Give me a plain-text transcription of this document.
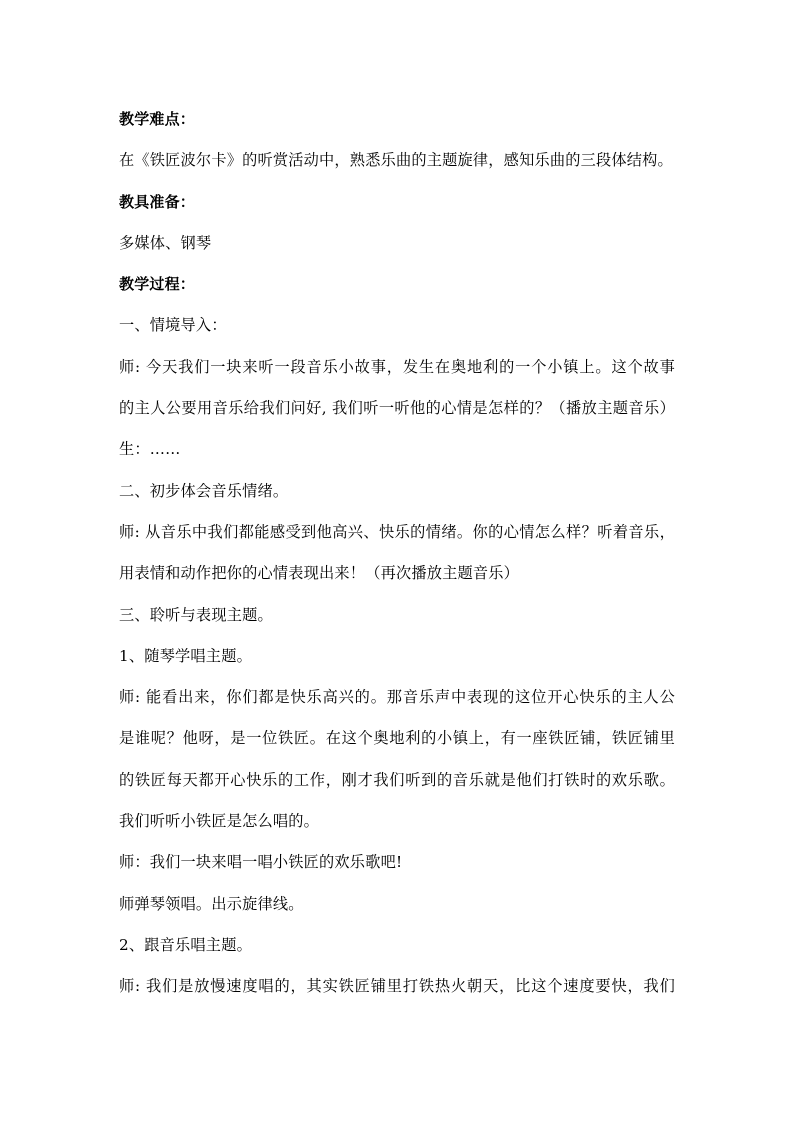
教学难点：
在《铁匠波尔卡》的听赏活动中，熟悉乐曲的主题旋律，感知乐曲的三段体结构。
教具准备：
多媒体、钢琴
教学过程：
一、情境导入：
师: 今天我们一块来听一段音乐小故事，发生在奥地利的一个小镇上。这个故事
的主人公要用音乐给我们问好, 我们听一听他的心情是怎样的？（播放主题音乐）
生：……
二、初步体会音乐情绪。
师: 从音乐中我们都能感受到他高兴、快乐的情绪。你的心情怎么样？听着音乐，
用表情和动作把你的心情表现出来！（再次播放主题音乐）
三、聆听与表现主题。
1、随琴学唱主题。
师: 能看出来，你们都是快乐高兴的。那音乐声中表现的这位开心快乐的主人公
是谁呢？他呀，是一位铁匠。在这个奥地利的小镇上，有一座铁匠铺，铁匠铺里
的铁匠每天都开心快乐的工作，刚才我们听到的音乐就是他们打铁时的欢乐歌。
我们听听小铁匠是怎么唱的。
师：我们一块来唱一唱小铁匠的欢乐歌吧!
师弹琴领唱。出示旋律线。
2、跟音乐唱主题。
师: 我们是放慢速度唱的，其实铁匠铺里打铁热火朝天，比这个速度要快，我们
